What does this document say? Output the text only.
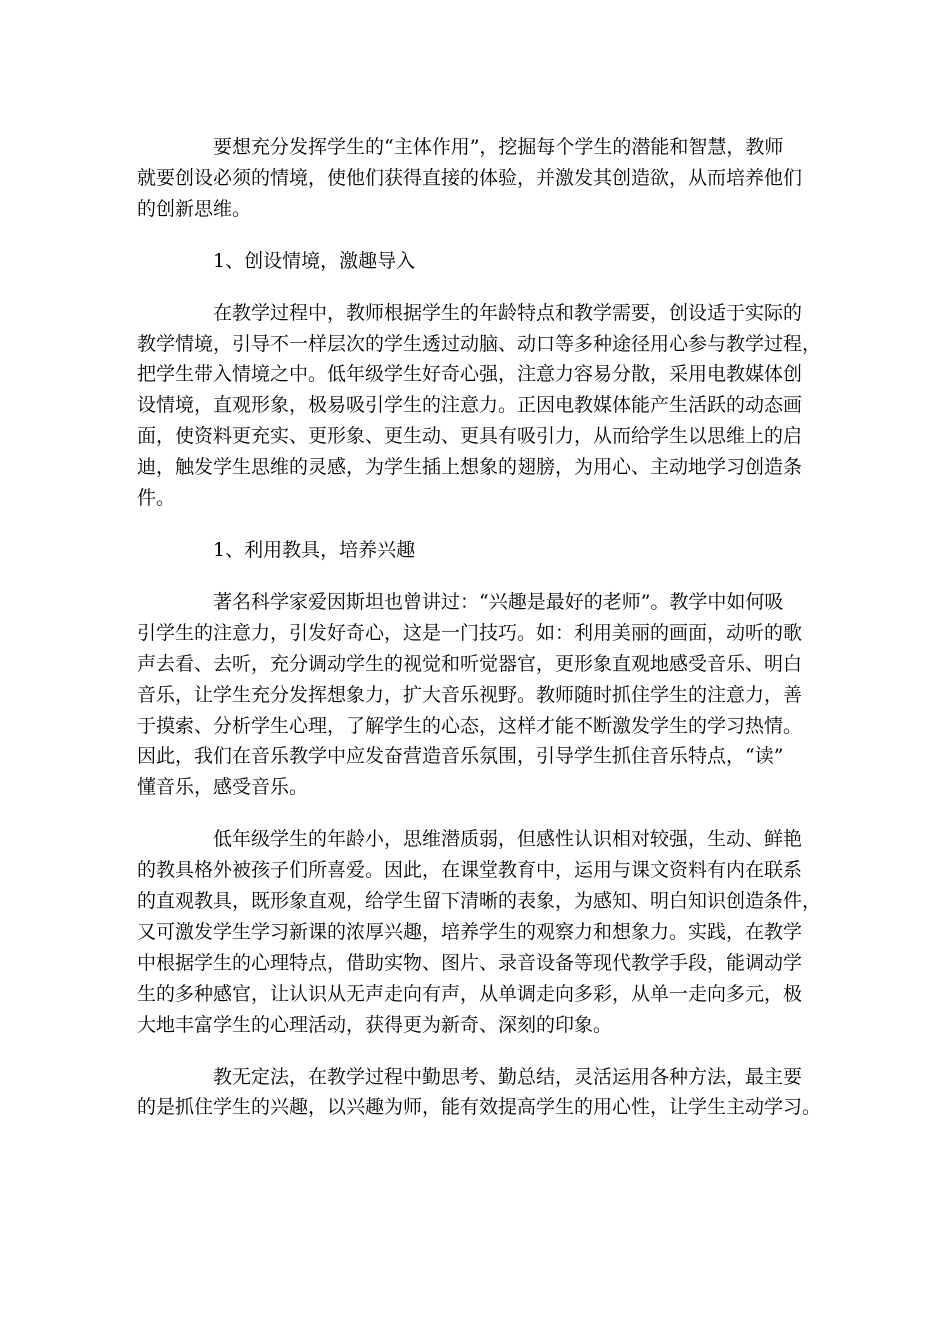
要想充分发挥学生的“主体作用”，挖掘每个学生的潜能和智慧，教师
就要创设必须的情境，使他们获得直接的体验，并激发其创造欲，从而培养他们
的创新思维。

1、创设情境，激趣导入

在教学过程中，教师根据学生的年龄特点和教学需要，创设适于实际的
教学情境，引导不一样层次的学生透过动脑、动口等多种途径用心参与教学过程，
把学生带入情境之中。低年级学生好奇心强，注意力容易分散，采用电教媒体创
设情境，直观形象，极易吸引学生的注意力。正因电教媒体能产生活跃的动态画
面，使资料更充实、更形象、更生动、更具有吸引力，从而给学生以思维上的启
迪，触发学生思维的灵感，为学生插上想象的翅膀，为用心、主动地学习创造条
件。

1、利用教具，培养兴趣

著名科学家爱因斯坦也曾讲过：“兴趣是最好的老师”。教学中如何吸
引学生的注意力，引发好奇心，这是一门技巧。如：利用美丽的画面，动听的歌
声去看、去听，充分调动学生的视觉和听觉器官，更形象直观地感受音乐、明白
音乐，让学生充分发挥想象力，扩大音乐视野。教师随时抓住学生的注意力，善
于摸索、分析学生心理，了解学生的心态，这样才能不断激发学生的学习热情。
因此，我们在音乐教学中应发奋营造音乐氛围，引导学生抓住音乐特点，“读”
懂音乐，感受音乐。

低年级学生的年龄小，思维潜质弱，但感性认识相对较强，生动、鲜艳
的教具格外被孩子们所喜爱。因此，在课堂教育中，运用与课文资料有内在联系
的直观教具，既形象直观，给学生留下清晰的表象，为感知、明白知识创造条件，
又可激发学生学习新课的浓厚兴趣，培养学生的观察力和想象力。实践，在教学
中根据学生的心理特点，借助实物、图片、录音设备等现代教学手段，能调动学
生的多种感官，让认识从无声走向有声，从单调走向多彩，从单一走向多元，极
大地丰富学生的心理活动，获得更为新奇、深刻的印象。

教无定法，在教学过程中勤思考、勤总结，灵活运用各种方法，最主要
的是抓住学生的兴趣，以兴趣为师，能有效提高学生的用心性，让学生主动学习。
